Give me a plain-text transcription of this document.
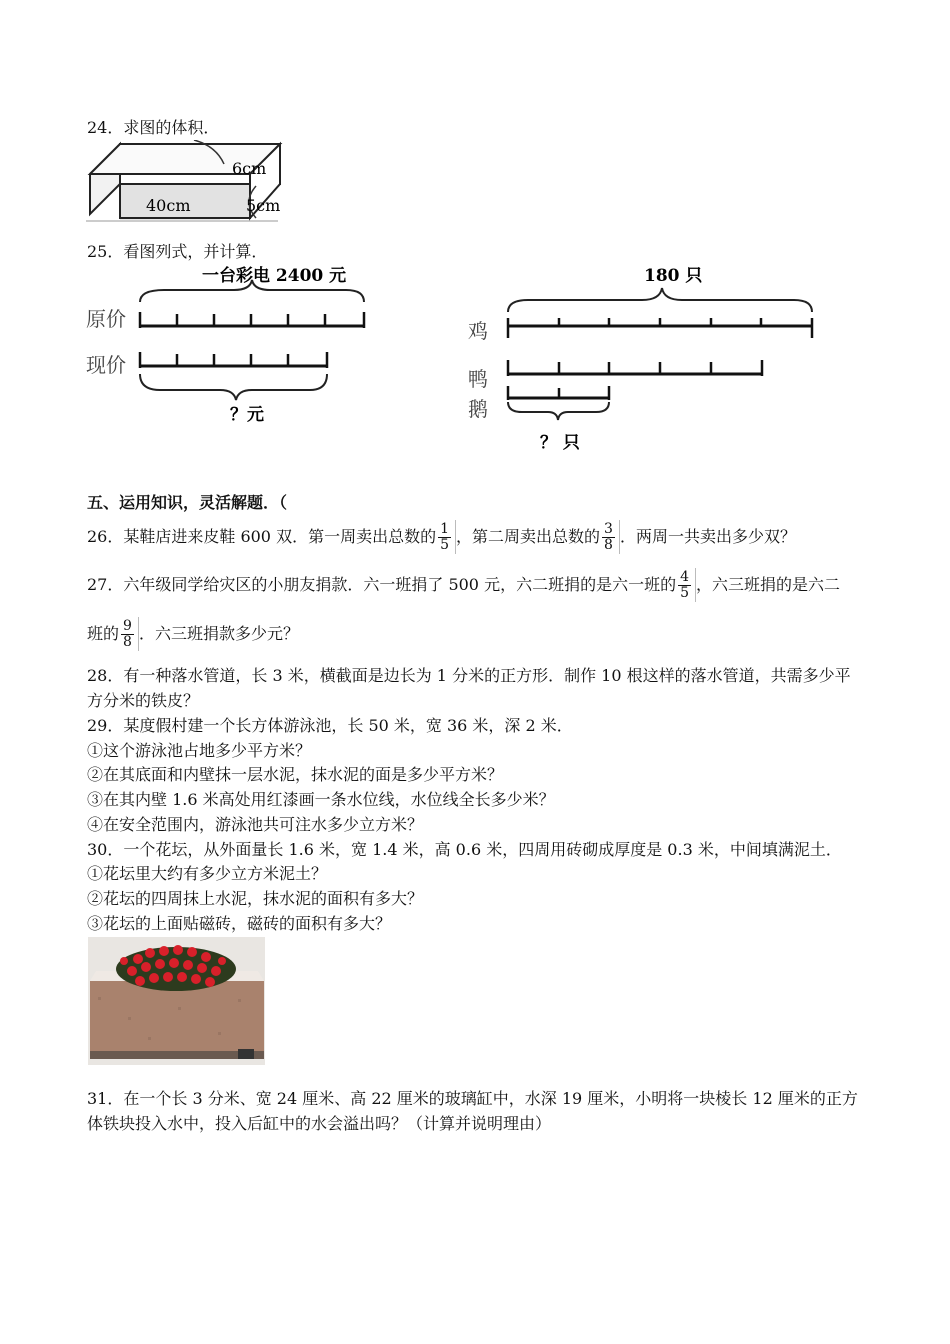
24．求图的体积．
40cm
6cm
5cm
25．看图列式，并计算．
一台彩电 2400 元
原价
现价
？元
180 只
鸡
鸭
鹅
？ 只
五、运用知识，灵活解题．（
26．某鞋店进来皮鞋 600 双．第一周卖出总数的 $\frac{1}{5}$ ，第二周卖出总数的 $\frac{3}{8}$ ．两周一共卖出多少双？
27．六年级同学给灾区的小朋友捐款．六一班捐了 500 元，六二班捐的是六一班的 $\frac{4}{5}$ ，六三班捐的是六二
班的 $\frac{9}{8}$ ．六三班捐款多少元？
28．有一种落水管道，长 3 米，横截面是边长为 1 分米的正方形．制作 10 根这样的落水管道，共需多少平
方分米的铁皮？
29．某度假村建一个长方体游泳池，长 50 米，宽 36 米，深 2 米．
①这个游泳池占地多少平方米？
②在其底面和内壁抹一层水泥，抹水泥的面是多少平方米？
③在其内壁 1.6 米高处用红漆画一条水位线，水位线全长多少米？
④在安全范围内，游泳池共可注水多少立方米？
30．一个花坛，从外面量长 1.6 米，宽 1.4 米，高 0.6 米，四周用砖砌成厚度是 0.3 米，中间填满泥土．
①花坛里大约有多少立方米泥土？
②花坛的四周抹上水泥，抹水泥的面积有多大？
③花坛的上面贴磁砖，磁砖的面积有多大？
31．在一个长 3 分米、宽 24 厘米、高 22 厘米的玻璃缸中，水深 19 厘米，小明将一块棱长 12 厘米的正方
体铁块投入水中，投入后缸中的水会溢出吗？（计算并说明理由）
